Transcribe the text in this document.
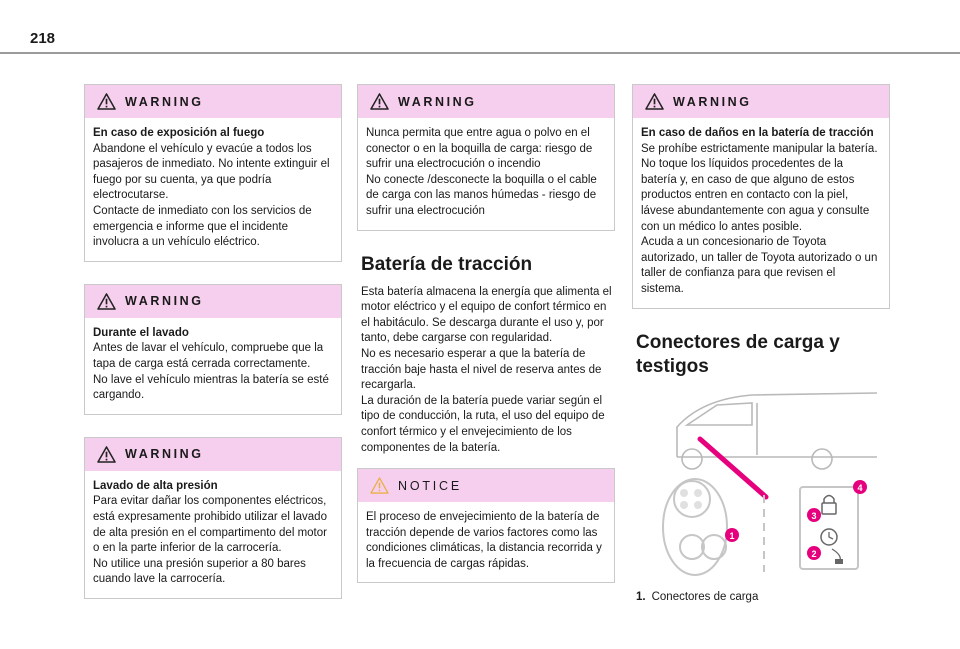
218
WARNING
En caso de exposición al fuego
Abandone el vehículo y evacúe a todos los pasajeros de inmediato. No intente extinguir el fuego por su cuenta, ya que podría electrocutarse.
Contacte de inmediato con los servicios de emergencia e informe que el incidente involucra a un vehículo eléctrico.
WARNING
Durante el lavado
Antes de lavar el vehículo, compruebe que la tapa de carga está cerrada correctamente.
No lave el vehículo mientras la batería se esté cargando.
WARNING
Lavado de alta presión
Para evitar dañar los componentes eléctricos, está expresamente prohibido utilizar el lavado de alta presión en el compartimento del motor o en la parte inferior de la carrocería.
No utilice una presión superior a 80 bares cuando lave la carrocería.
WARNING
Nunca permita que entre agua o polvo en el conector o en la boquilla de carga: riesgo de sufrir una electrocución o incendio
No conecte /desconecte la boquilla o el cable de carga con las manos húmedas - riesgo de sufrir una electrocución
Batería de tracción
Esta batería almacena la energía que alimenta el motor eléctrico y el equipo de confort térmico en el habitáculo. Se descarga durante el uso y, por tanto, debe cargarse con regularidad.
No es necesario esperar a que la batería de tracción baje hasta el nivel de reserva antes de recargarla.
La duración de la batería puede variar según el tipo de conducción, la ruta, el uso del equipo de confort térmico y el envejecimiento de los componentes de la batería.
NOTICE
El proceso de envejecimiento de la batería de tracción depende de varios factores como las condiciones climáticas, la distancia recorrida y la frecuencia de cargas rápidas.
WARNING
En caso de daños en la batería de tracción
Se prohíbe estrictamente manipular la batería.
No toque los líquidos procedentes de la batería y, en caso de que alguno de estos productos entren en contacto con la piel, lávese abundantemente con agua y consulte con un médico lo antes posible.
Acuda a un concesionario de Toyota autorizado, un taller de Toyota autorizado o un taller de confianza para que revisen el sistema.
Conectores de carga y testigos
1
2
3
4
1. Conectores de carga
